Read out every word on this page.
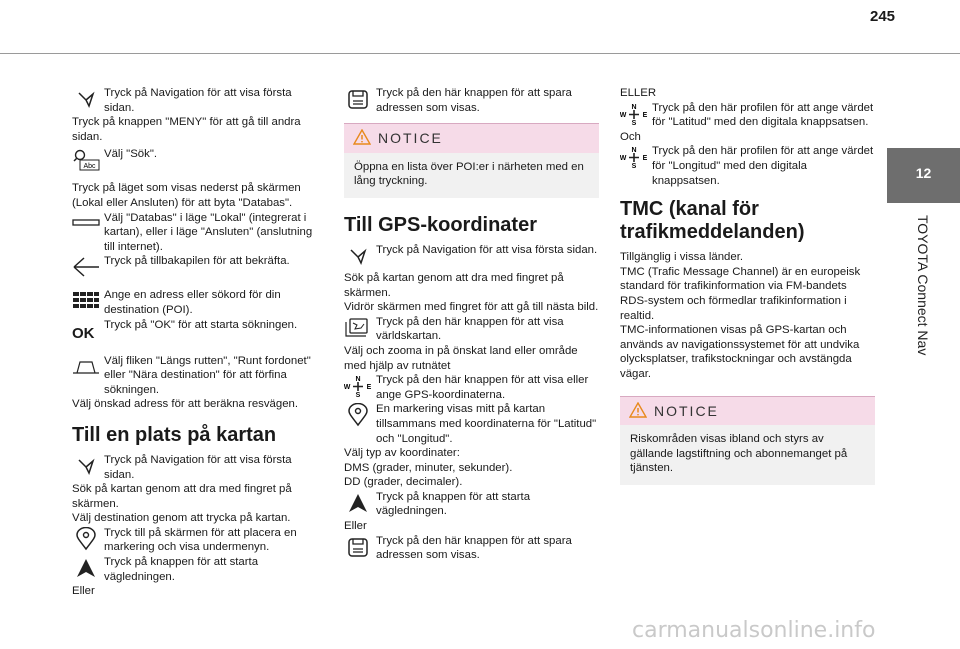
245
12
TOYOTA Connect Nav

Tryck på Navigation för att visa första sidan.

Tryck på knappen "MENY" för att gå till andra sidan.

Abc

Välj "Sök".

Tryck på läget som visas nederst på skärmen (Lokal eller Ansluten) för att byta "Databas".

Välj "Databas" i läge "Lokal" (integrerat i kartan), eller i läge "Ansluten" (anslutning till internet).

Tryck på tillbakapilen för att bekräfta.

Ange en adress eller sökord för din destination (POI).

OK Tryck på "OK" för att starta sökningen.

Välj fliken "Längs rutten", "Runt fordonet" eller "Nära destination" för att förfina sökningen.

Välj önskad adress för att beräkna resvägen.

Till en plats på kartan

Tryck på Navigation för att visa första sidan.

Sök på kartan genom att dra med fingret på skärmen.

Välj destination genom att trycka på kartan.

Tryck till på skärmen för att placera en markering och visa undermenyn.

Tryck på knappen för att starta vägledningen.

Eller

Tryck på den här knappen för att spara adressen som visas.

NOTICE
Öppna en lista över POI:er i närheten med en lång tryckning.
Till GPS-koordinater

Tryck på Navigation för att visa första sidan.

Sök på kartan genom att dra med fingret på skärmen.

Vidrör skärmen med fingret för att gå till nästa bild.

Tryck på den här knappen för att visa världskartan.

Välj och zooma in på önskat land eller område med hjälp av rutnätet

Tryck på den här knappen för att visa eller ange GPS-koordinaterna.

En markering visas mitt på kartan tillsammans med koordinaterna för "Latitud" och "Longitud".

Välj typ av koordinater:

DMS (grader, minuter, sekunder).

DD (grader, decimaler).

Tryck på knappen för att starta vägledningen.

Eller

Tryck på den här knappen för att spara adressen som visas.

ELLER

Tryck på den här profilen för att ange värdet för "Latitud" med den digitala knappsatsen.

Och

Tryck på den här profilen för att ange värdet för "Longitud" med den digitala knappsatsen.

TMC (kanal för trafikmeddelanden)

Tillgänglig i vissa länder.

TMC (Trafic Message Channel) är en europeisk standard för trafikinformation via FM-bandets RDS-system och förmedlar trafikinformation i realtid.

TMC-informationen visas på GPS-kartan och används av navigationssystemet för att undvika olycksplatser, trafikstockningar och avstängda vägar.

NOTICE
Riskområden visas ibland och styrs av gällande lagstiftning och abonnemanget på tjänsten.
carmanualsonline.info
